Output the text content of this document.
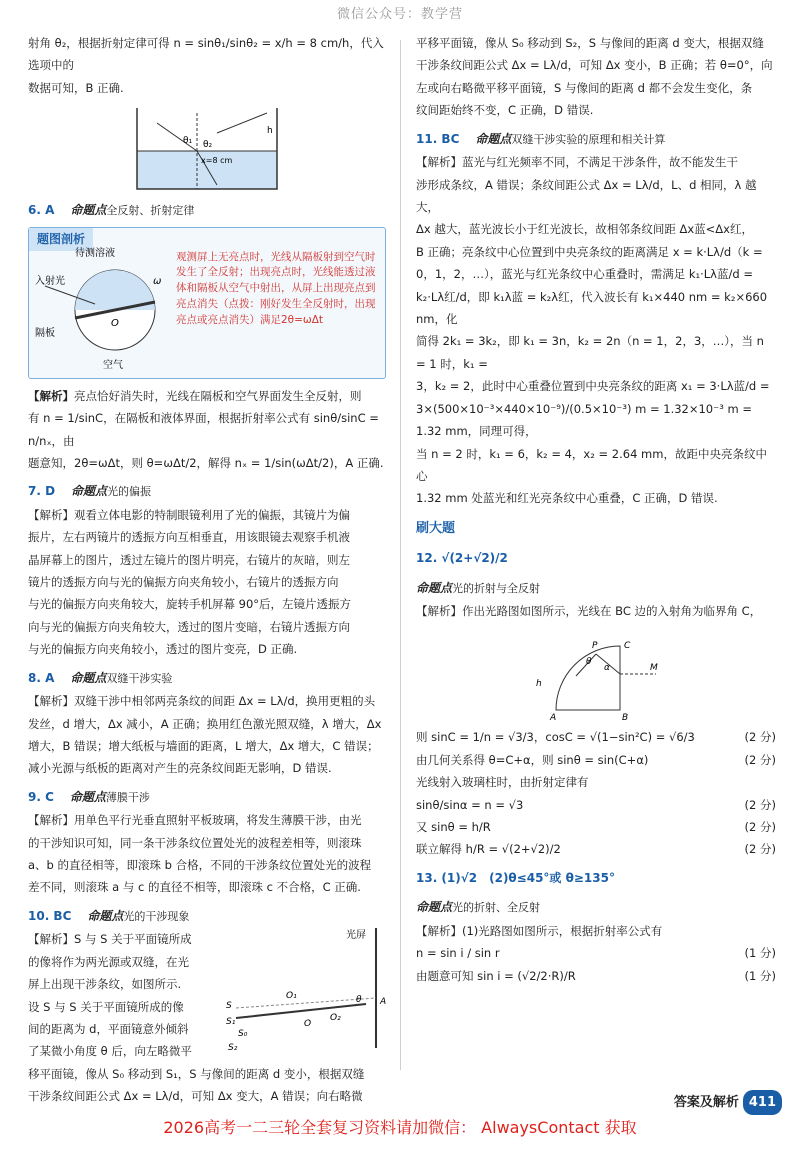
微信公众号：教学营

射角 θ₂，根据折射定律可得 n = sinθ₁/sinθ₂ = x/h = 8 cm/h，代入选项中的

数据可知，B 正确.

θ₁ θ₂
x=8 cm
h

6. A 命题点全反射、折射定律

题图剖析
待测溶液
入射光
隔板
空气
O
ω
观测屏上无亮点时，光线从隔板射到空气时发生了全反射；出现亮点时，光线能透过液体和隔板从空气中射出，从屏上出现亮点到亮点消失（点拨：刚好发生全反射时，出现亮点或亮点消失）满足2θ=ωΔt

【解析】亮点恰好消失时，光线在隔板和空气界面发生全反射，则

有 n = 1/sinC，在隔板和液体界面，根据折射率公式有 sinθ/sinC = n/nₓ，由

题意知，2θ=ωΔt，则 θ=ωΔt/2，解得 nₓ = 1/sin(ωΔt/2)，A 正确.

7. D 命题点光的偏振

【解析】观看立体电影的特制眼镜利用了光的偏振，其镜片为偏

振片，左右两镜片的透振方向互相垂直，用该眼镜去观察手机液

晶屏幕上的图片，透过左镜片的图片明亮，右镜片的灰暗，则左

镜片的透振方向与光的偏振方向夹角较小，右镜片的透振方向

与光的偏振方向夹角较大，旋转手机屏幕 90°后，左镜片透振方

向与光的偏振方向夹角较大，透过的图片变暗，右镜片透振方向

与光的偏振方向夹角较小，透过的图片变亮，D 正确.

8. A 命题点双缝干涉实验

【解析】双缝干涉中相邻两亮条纹的间距 Δx = Lλ/d，换用更粗的头

发丝，d 增大，Δx 减小，A 正确；换用红色激光照双缝，λ 增大，Δx

增大，B 错误；增大纸板与墙面的距离，L 增大，Δx 增大，C 错误；

减小光源与纸板的距离对产生的亮条纹间距无影响，D 错误.

9. C 命题点薄膜干涉

【解析】用单色平行光垂直照射平板玻璃，将发生薄膜干涉，由光

的干涉知识可知，同一条干涉条纹位置处光的波程差相等，则滚珠

a、b 的直径相等，即滚珠 b 合格，不同的干涉条纹位置处光的波程

差不同，则滚珠 a 与 c 的直径不相等，即滚珠 c 不合格，C 正确.

10. BC 命题点光的干涉现象

光屏
S
S₀
S₁
S₂
O
O₁
O₂
A
θ

【解析】S 与 S 关于平面镜所成

的像将作为两光源或双缝，在光

屏上出现干涉条纹，如图所示.

设 S 与 S 关于平面镜所成的像

间的距离为 d，平面镜意外倾斜

了某微小角度 θ 后，向左略微平

移平面镜，像从 S₀ 移动到 S₁，S 与像间的距离 d 变小，根据双缝

干涉条纹间距公式 Δx = Lλ/d，可知 Δx 变大，A 错误；向右略微

平移平面镜，像从 S₀ 移动到 S₂，S 与像间的距离 d 变大，根据双缝

干涉条纹间距公式 Δx = Lλ/d，可知 Δx 变小，B 正确；若 θ=0°，向

左或向右略微平移平面镜，S 与像间的距离 d 都不会发生变化，条

纹间距始终不变，C 正确，D 错误.

11. BC 命题点双缝干涉实验的原理和相关计算

【解析】蓝光与红光频率不同，不满足干涉条件，故不能发生干

涉形成条纹，A 错误；条纹间距公式 Δx = Lλ/d，L、d 相同，λ 越大，

Δx 越大，蓝光波长小于红光波长，故相邻条纹间距 Δx蓝<Δx红，

B 正确；亮条纹中心位置到中央亮条纹的距离满足 x = k·Lλ/d（k =

0，1，2，…），蓝光与红光条纹中心重叠时，需满足 k₁·Lλ蓝/d =

k₂·Lλ红/d，即 k₁λ蓝 = k₂λ红，代入波长有 k₁×440 nm = k₂×660 nm，化

简得 2k₁ = 3k₂，即 k₁ = 3n，k₂ = 2n（n = 1，2，3，…），当 n = 1 时，k₁ =

3，k₂ = 2，此时中心重叠位置到中央亮条纹的距离 x₁ = 3·Lλ蓝/d =

3×(500×10⁻³×440×10⁻⁹)/(0.5×10⁻³) m = 1.32×10⁻³ m = 1.32 mm，同理可得，

当 n = 2 时，k₁ = 6，k₂ = 4，x₂ = 2.64 mm，故距中央亮条纹中心

1.32 mm 处蓝光和红光亮条纹中心重叠，C 正确，D 错误.

刷大题

12. √(2+√2)/2

命题点光的折射与全反射

【解析】作出光路图如图所示，光线在 BC 边的入射角为临界角 C，

P	C
M
A	B
h
θ
α
则 sinC = 1/n = √3/3，cosC = √(1−sin²C) = √6/3	(2 分)
由几何关系得 θ=C+α，则 sinθ = sin(C+α)	(2 分)
光线射入玻璃柱时，由折射定律有
sinθ/sinα = n = √3	(2 分)
又 sinθ = h/R	(2 分)
联立解得 h/R = √(2+√2)/2	(2 分)

13. (1)√2　(2)θ≤45°或 θ≥135°

命题点光的折射、全反射

【解析】(1)光路图如图所示，根据折射率公式有

n = sin i / sin r	(1 分)
由题意可知 sin i = (√2/2·R)/R	(1 分)
答案及解析 411
2026高考一二三轮全套复习资料请加微信： AlwaysContact 获取
